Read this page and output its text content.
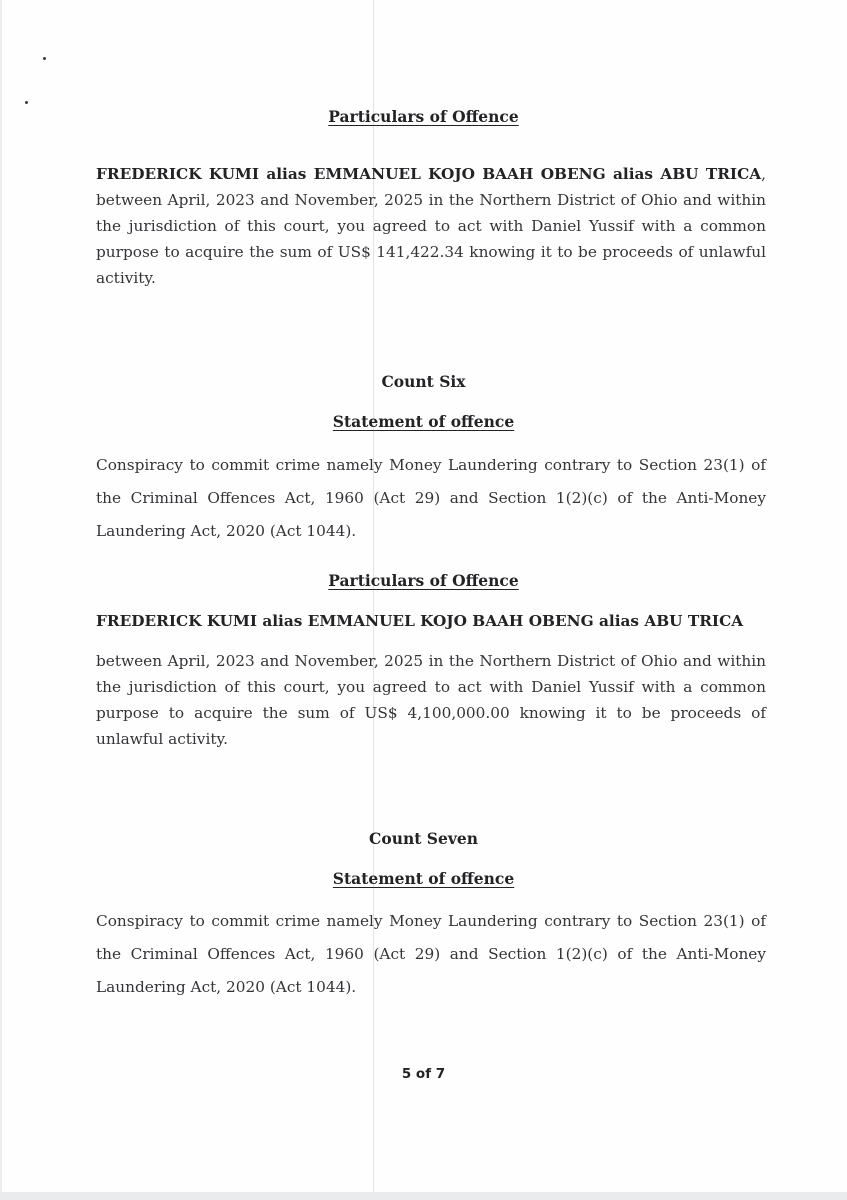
Particulars of Offence
FREDERICK KUMI alias EMMANUEL KOJO BAAH OBENG alias ABU TRICA, between April, 2023 and November, 2025 in the Northern District of Ohio and within the jurisdiction of this court, you agreed to act with Daniel Yussif with a common purpose to acquire the sum of US$ 141,422.34 knowing it to be proceeds of unlawful activity.
Count Six
Statement of offence
Conspiracy to commit crime namely Money Laundering contrary to Section 23(1) of the Criminal Offences Act, 1960 (Act 29) and Section 1(2)(c) of the Anti-Money Laundering Act, 2020 (Act 1044).
Particulars of Offence
FREDERICK KUMI alias EMMANUEL KOJO BAAH OBENG alias ABU TRICA
between April, 2023 and November, 2025 in the Northern District of Ohio and within the jurisdiction of this court, you agreed to act with Daniel Yussif with a common purpose to acquire the sum of US$ 4,100,000.00 knowing it to be proceeds of unlawful activity.
Count Seven
Statement of offence
Conspiracy to commit crime namely Money Laundering contrary to Section 23(1) of the Criminal Offences Act, 1960 (Act 29) and Section 1(2)(c) of the Anti-Money Laundering Act, 2020 (Act 1044).
5 of 7
